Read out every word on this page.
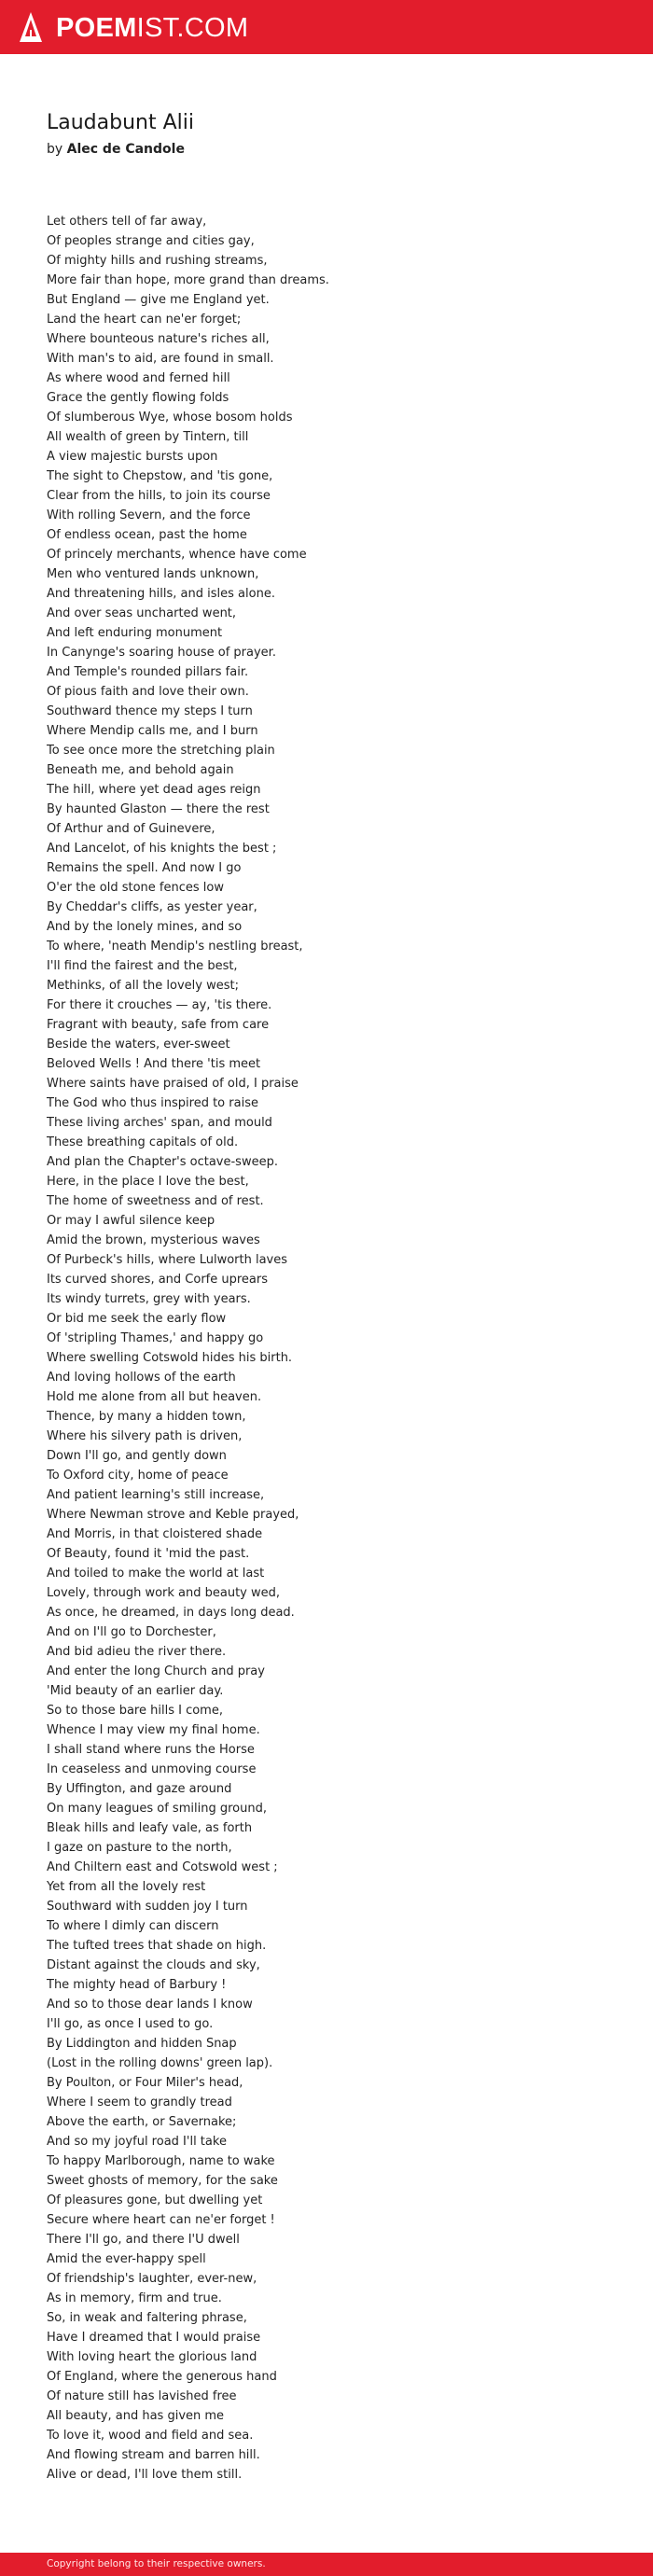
POEMIST.COM
Laudabunt Alii
by Alec de Candole
Let others tell of far away,
Of peoples strange and cities gay,
Of mighty hills and rushing streams,
More fair than hope, more grand than dreams.
But England — give me England yet.
Land the heart can ne'er forget;
Where bounteous nature's riches all,
With man's to aid, are found in small.
As where wood and ferned hill
Grace the gently flowing folds
Of slumberous Wye, whose bosom holds
All wealth of green by Tintern, till
A view majestic bursts upon
The sight to Chepstow, and 'tis gone,
Clear from the hills, to join its course
With rolling Severn, and the force
Of endless ocean, past the home
Of princely merchants, whence have come
Men who ventured lands unknown,
And threatening hills, and isles alone.
And over seas uncharted went,
And left enduring monument
In Canynge's soaring house of prayer.
And Temple's rounded pillars fair.
Of pious faith and love their own.
Southward thence my steps I turn
Where Mendip calls me, and I burn
To see once more the stretching plain
Beneath me, and behold again
The hill, where yet dead ages reign
By haunted Glaston — there the rest
Of Arthur and of Guinevere,
And Lancelot, of his knights the best ;
Remains the spell. And now I go
O'er the old stone fences low
By Cheddar's cliffs, as yester year,
And by the lonely mines, and so
To where, 'neath Mendip's nestling breast,
I'll find the fairest and the best,
Methinks, of all the lovely west;
For there it crouches — ay, 'tis there.
Fragrant with beauty, safe from care
Beside the waters, ever-sweet
Beloved Wells ! And there 'tis meet
Where saints have praised of old, I praise
The God who thus inspired to raise
These living arches' span, and mould
These breathing capitals of old.
And plan the Chapter's octave-sweep.
Here, in the place I love the best,
The home of sweetness and of rest.
Or may I awful silence keep
Amid the brown, mysterious waves
Of Purbeck's hills, where Lulworth laves
Its curved shores, and Corfe uprears
Its windy turrets, grey with years.
Or bid me seek the early flow
Of 'stripling Thames,' and happy go
Where swelling Cotswold hides his birth.
And loving hollows of the earth
Hold me alone from all but heaven.
Thence, by many a hidden town,
Where his silvery path is driven,
Down I'll go, and gently down
To Oxford city, home of peace
And patient learning's still increase,
Where Newman strove and Keble prayed,
And Morris, in that cloistered shade
Of Beauty, found it 'mid the past.
And toiled to make the world at last
Lovely, through work and beauty wed,
As once, he dreamed, in days long dead.
And on I'll go to Dorchester,
And bid adieu the river there.
And enter the long Church and pray
'Mid beauty of an earlier day.
So to those bare hills I come,
Whence I may view my final home.
I shall stand where runs the Horse
In ceaseless and unmoving course
By Uffington, and gaze around
On many leagues of smiling ground,
Bleak hills and leafy vale, as forth
I gaze on pasture to the north,
And Chiltern east and Cotswold west ;
Yet from all the lovely rest
Southward with sudden joy I turn
To where I dimly can discern
The tufted trees that shade on high.
Distant against the clouds and sky,
The mighty head of Barbury !
And so to those dear lands I know
I'll go, as once I used to go.
By Liddington and hidden Snap
(Lost in the rolling downs' green lap).
By Poulton, or Four Miler's head,
Where I seem to grandly tread
Above the earth, or Savernake;
And so my joyful road I'll take
To happy Marlborough, name to wake
Sweet ghosts of memory, for the sake
Of pleasures gone, but dwelling yet
Secure where heart can ne'er forget !
There I'll go, and there I'U dwell
Amid the ever-happy spell
Of friendship's laughter, ever-new,
As in memory, firm and true.
So, in weak and faltering phrase,
Have I dreamed that I would praise
With loving heart the glorious land
Of England, where the generous hand
Of nature still has lavished free
All beauty, and has given me
To love it, wood and field and sea.
And flowing stream and barren hill.
Alive or dead, I'll love them still.
Copyright belong to their respective owners.
